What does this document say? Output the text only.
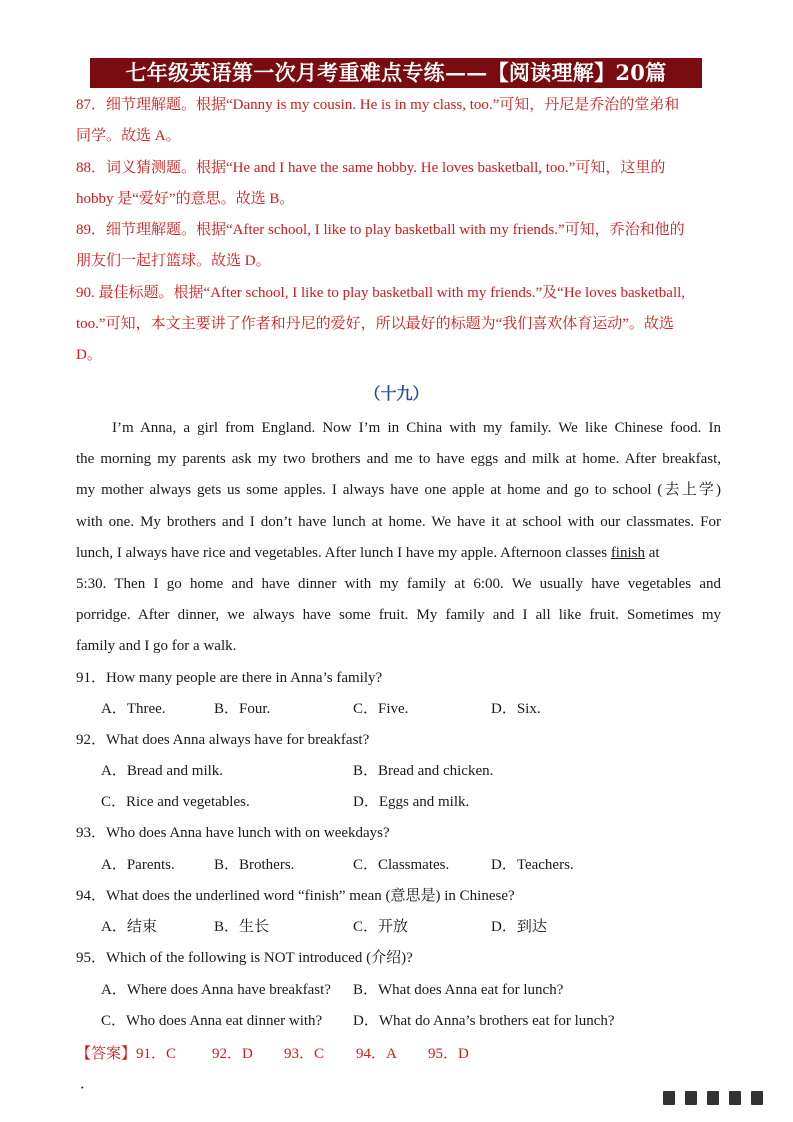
七年级英语第一次月考重难点专练——【阅读理解】20篇
87．细节理解题。根据“Danny is my cousin. He is in my class, too.”可知，丹尼是乔治的堂弟和
同学。故选 A。
88．词义猜测题。根据“He and I have the same hobby. He loves basketball, too.”可知，这里的
hobby 是“爱好”的意思。故选 B。
89．细节理解题。根据“After school, I like to play basketball with my friends.”可知，乔治和他的
朋友们一起打篮球。故选 D。
90. 最佳标题。根据“After school, I like to play basketball with my friends.”及“He loves basketball,
too.”可知，本文主要讲了作者和丹尼的爱好，所以最好的标题为“我们喜欢体育运动”。故选
D。
（十九）
I’m Anna, a girl from England. Now I’m in China with my family. We like Chinese food. In
the morning my parents ask my two brothers and me to have eggs and milk at home. After breakfast,
my mother always gets us some apples. I always have one apple at home and go to school (去上学)
with one. My brothers and I don’t have lunch at home. We have it at school with our classmates. For
lunch, I always have rice and vegetables. After lunch I have my apple. Afternoon classes finish at
5:30. Then I go home and have dinner with my family at 6:00. We usually have vegetables and
porridge. After dinner, we always have some fruit. My family and I all like fruit. Sometimes my
family and I go for a walk.
91．How many people are there in Anna’s family?
A．Three.	B．Four.	C．Five.	D．Six.
92．What does Anna always have for breakfast?
A．Bread and milk.	B．Bread and chicken.
C．Rice and vegetables.	D．Eggs and milk.
93．Who does Anna have lunch with on weekdays?
A．Parents.	B．Brothers.	C．Classmates.	D．Teachers.
94．What does the underlined word “finish” mean (意思是) in Chinese?
A．结束	B．生长	C．开放	D．到达
95．Which of the following is NOT introduced (介绍)?
A．Where does Anna have breakfast? B．What does Anna eat for lunch?
C．Who does Anna eat dinner with? D．What do Anna’s brothers eat for lunch?
【答案】91．C 92．D 93．C 94．A 95．D
．
